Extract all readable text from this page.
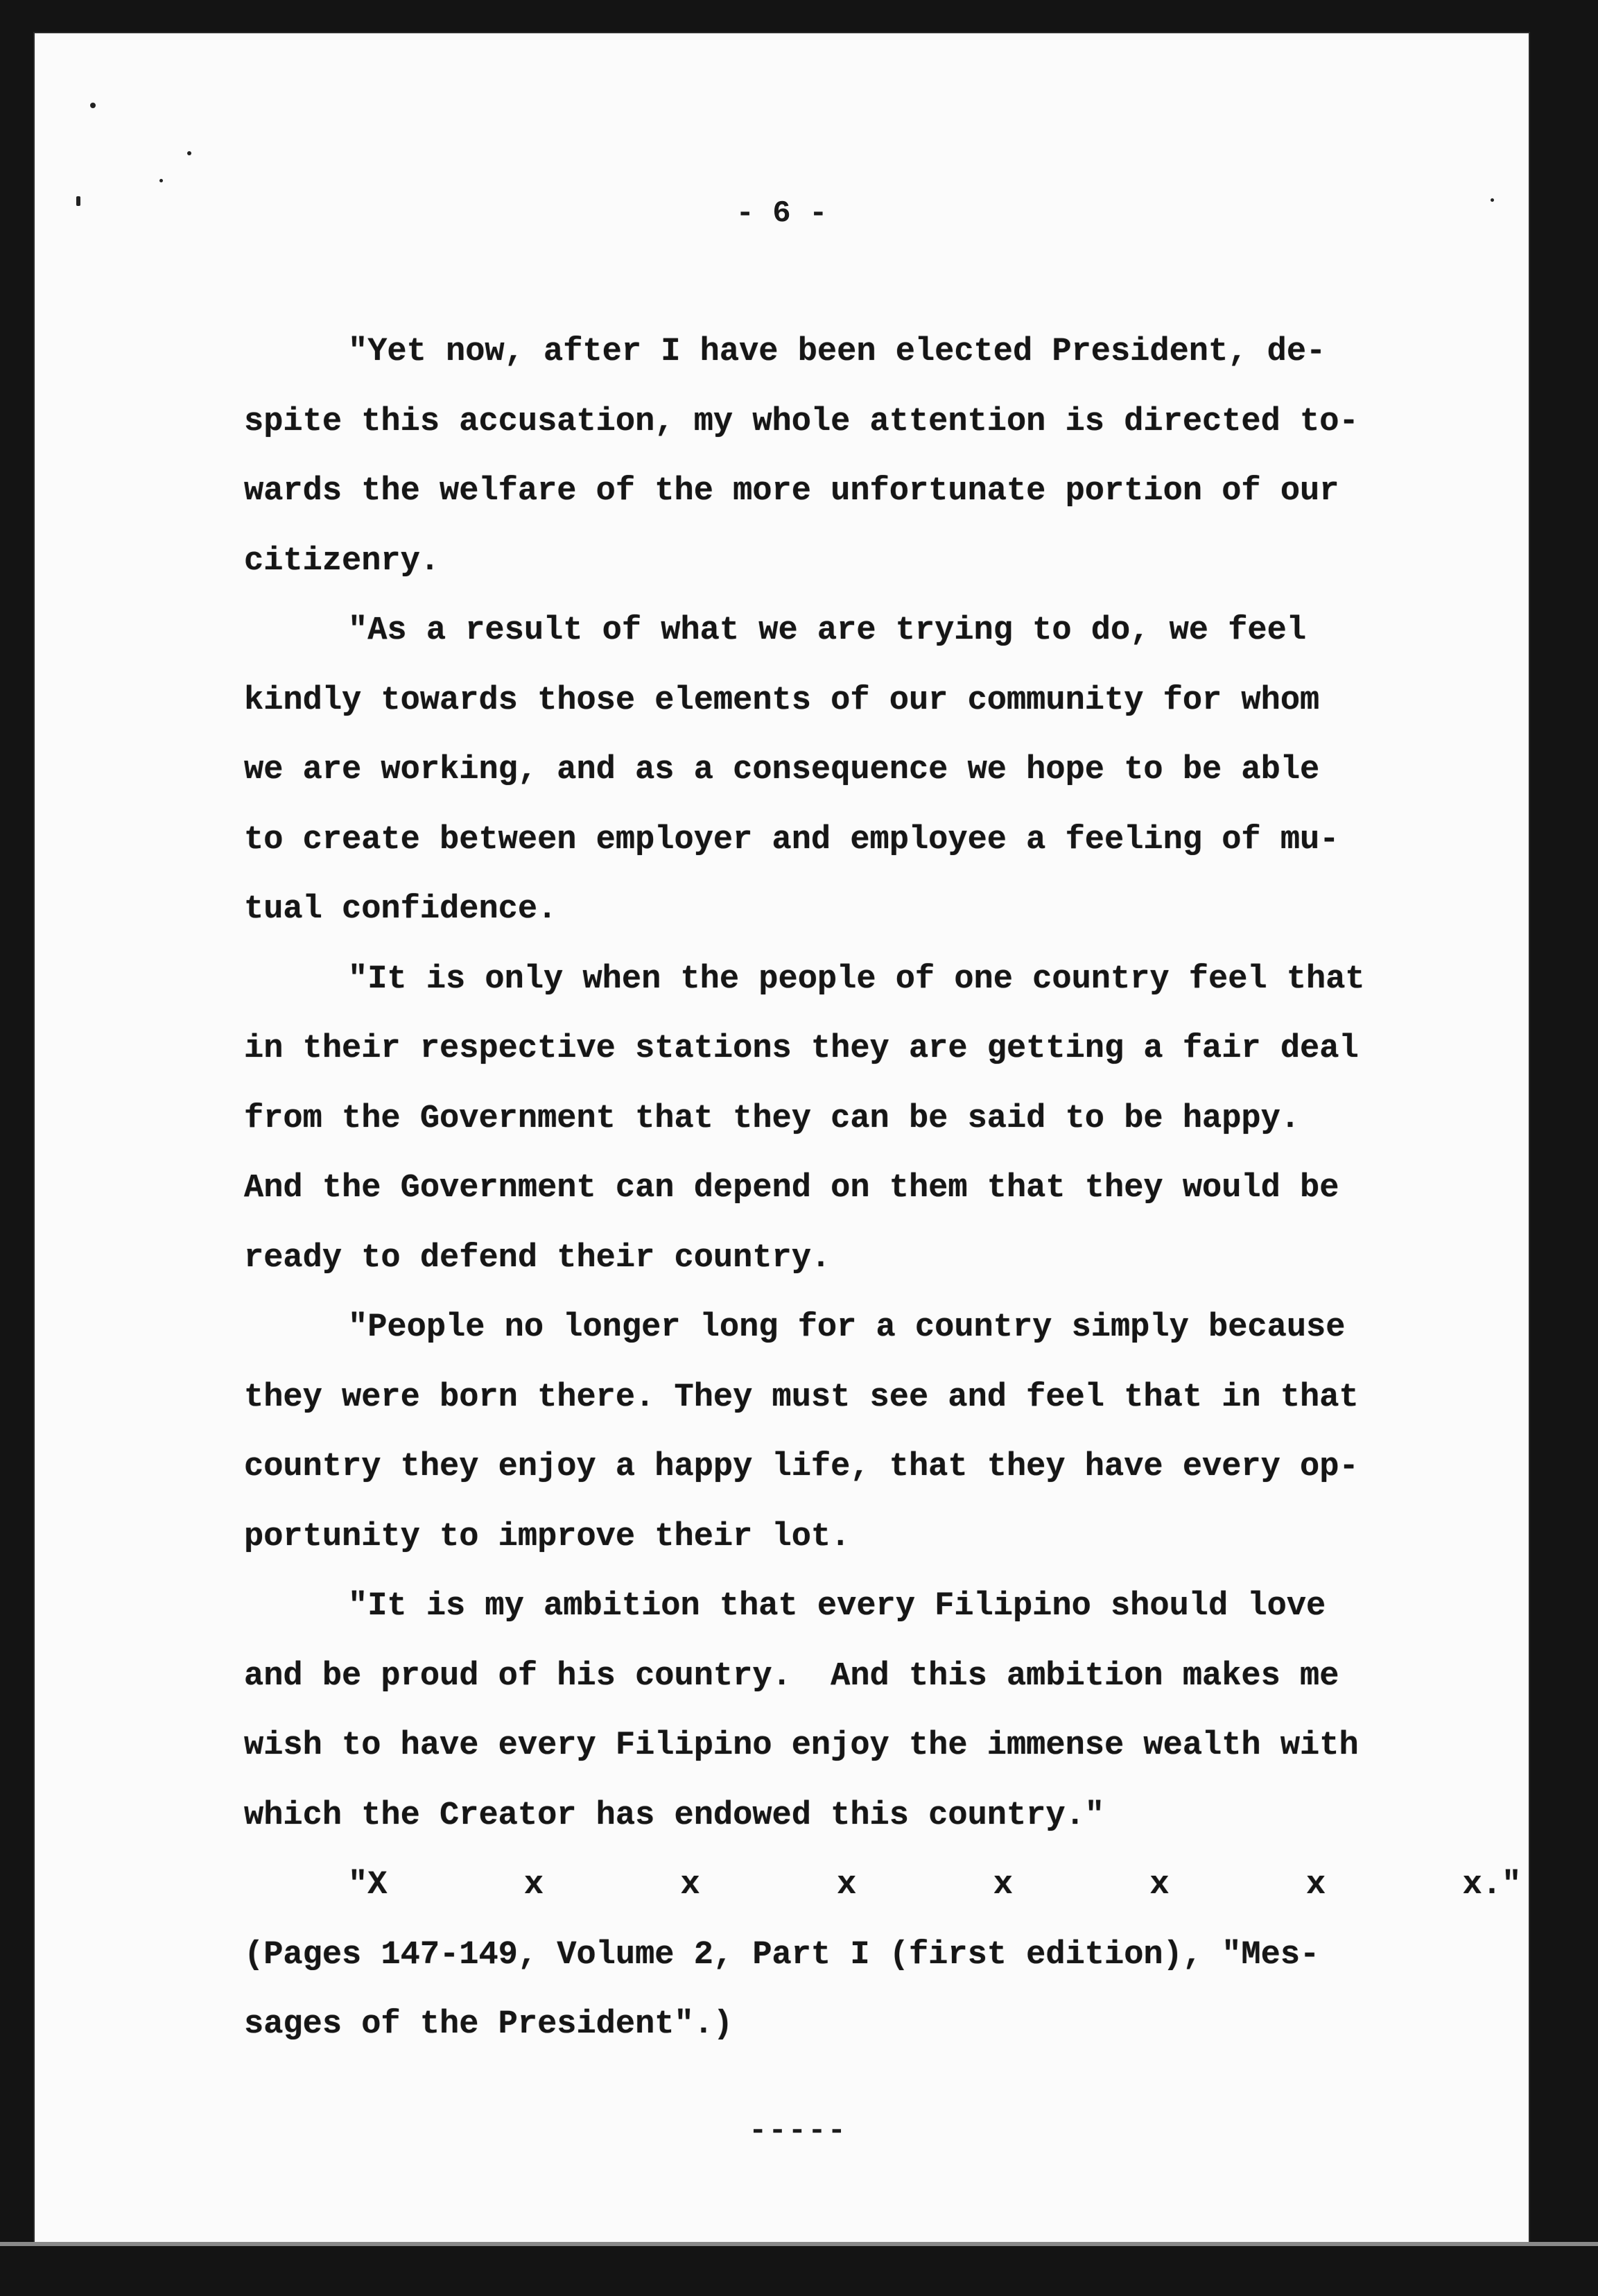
- 6 -
"Yet now, after I have been elected President, de-
spite this accusation, my whole attention is directed to-
wards the welfare of the more unfortunate portion of our
citizenry.
"As a result of what we are trying to do, we feel
kindly towards those elements of our community for whom
we are working, and as a consequence we hope to be able
to create between employer and employee a feeling of mu-
tual confidence.
"It is only when the people of one country feel that
in their respective stations they are getting a fair deal
from the Government that they can be said to be happy.
And the Government can depend on them that they would be
ready to defend their country.
"People no longer long for a country simply because
they were born there. They must see and feel that in that
country they enjoy a happy life, that they have every op-
portunity to improve their lot.
"It is my ambition that every Filipino should love
and be proud of his country.  And this ambition makes me
wish to have every Filipino enjoy the immense wealth with
which the Creator has endowed this country."
"X       x       x       x       x       x       x       x."
(Pages 147-149, Volume 2, Part I (first edition), "Mes-
sages of the President".)
-----
